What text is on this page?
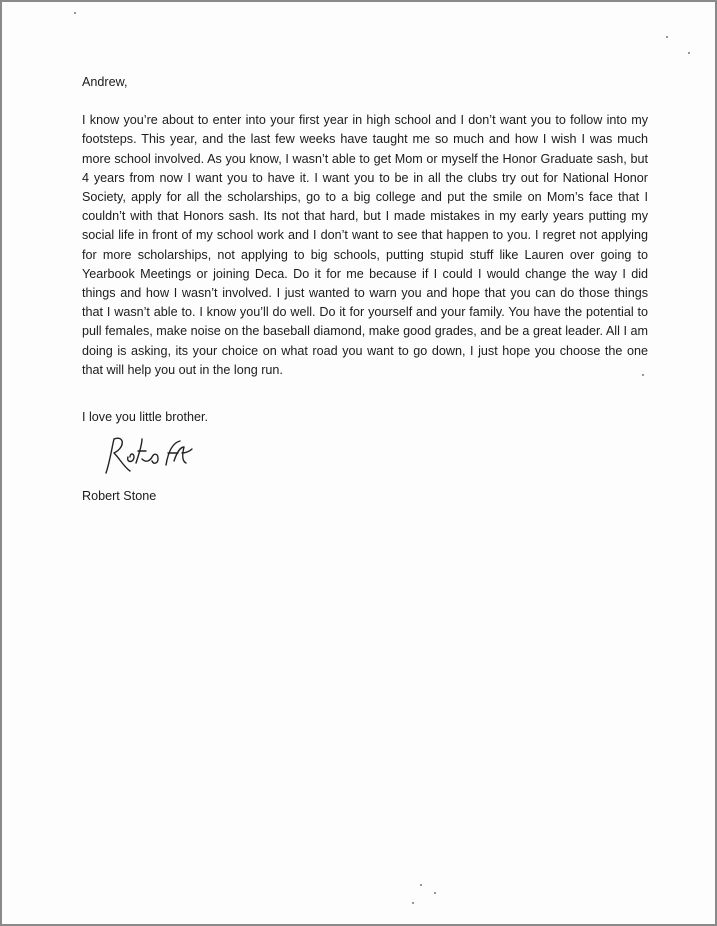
Andrew,

I know you’re about to enter into your first year in high school and I don’t want you to follow into my footsteps. This year, and the last few weeks have taught me so much and how I wish I was much more school involved. As you know, I wasn’t able to get Mom or myself the Honor Graduate sash, but 4 years from now I want you to have it. I want you to be in all the clubs try out for National Honor Society, apply for all the scholarships, go to a big college and put the smile on Mom’s face that I couldn’t with that Honors sash. Its not that hard, but I made mistakes in my early years putting my social life in front of my school work and I don’t want to see that happen to you. I regret not applying for more scholarships, not applying to big schools, putting stupid stuff like Lauren over going to Yearbook Meetings or joining Deca. Do it for me because if I could I would change the way I did things and how I wasn’t involved. I just wanted to warn you and hope that you can do those things that I wasn’t able to. I know you’ll do well. Do it for yourself and your family. You have the potential to pull females, make noise on the baseball diamond, make good grades, and be a great leader. All I am doing is asking, its your choice on what road you want to go down, I just hope you choose the one that will help you out in the long run.

I love you little brother.

Robert Stone
